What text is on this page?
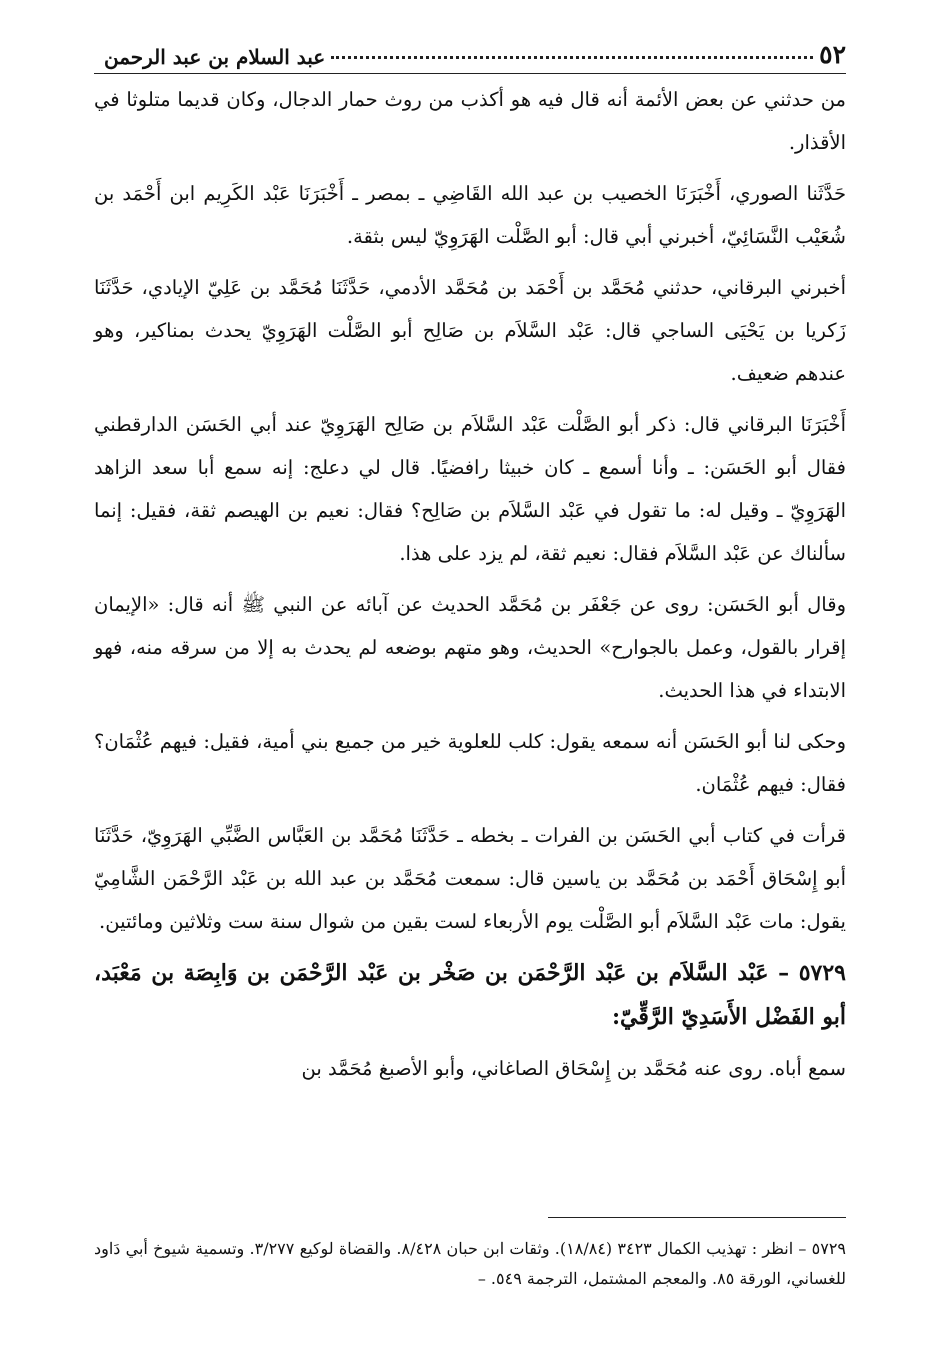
٥٢
عبد السلام بن عبد الرحمن

من حدثني عن بعض الأئمة أنه قال فيه هو أكذب من روث حمار الدجال، وكان قديما متلوثا في الأقذار.

حَدَّثَنا الصوري، أَخْبَرَنَا الخصيب بن عبد الله القَاضِي ـ بمصر ـ أَخْبَرَنَا عَبْد الكَرِيم ابن أَحْمَد بن شُعَيْب النَّسَائِيّ، أخبرني أبي قال: أبو الصَّلْت الهَرَوِيّ ليس بثقة.

أخبرني البرقاني، حدثني مُحَمَّد بن أَحْمَد بن مُحَمَّد الأدمي، حَدَّثَنَا مُحَمَّد بن عَلِيّ الإيادي، حَدَّثَنَا زَكريا بن يَحْيَى الساجي قال: عَبْد السَّلاَم بن صَالِح أبو الصَّلْت الهَرَوِيّ يحدث بمناكير، وهو عندهم ضعيف.

أَخْبَرَنَا البرقاني قال: ذكر أبو الصَّلْت عَبْد السَّلاَم بن صَالِح الهَرَوِيّ عند أبي الحَسَن الدارقطني فقال أبو الحَسَن: ـ وأنا أسمع ـ كان خبيثا رافضيًا. قال لي دعلج: إنه سمع أبا سعد الزاهد الهَرَوِيّ ـ وقيل له: ما تقول في عَبْد السَّلاَم بن صَالِح؟ فقال: نعيم بن الهيصم ثقة، فقيل: إنما سألناك عن عَبْد السَّلاَم فقال: نعيم ثقة، لم يزد على هذا.

وقال أبو الحَسَن: روى عن جَعْفَر بن مُحَمَّد الحديث عن آبائه عن النبي ﷺ أنه قال: «الإيمان إقرار بالقول، وعمل بالجوارح» الحديث، وهو متهم بوضعه لم يحدث به إلا من سرقه منه، فهو الابتداء في هذا الحديث.

وحكى لنا أبو الحَسَن أنه سمعه يقول: كلب للعلوية خير من جميع بني أمية، فقيل: فيهم عُثْمَان؟ فقال: فيهم عُثْمَان.

قرأت في كتاب أبي الحَسَن بن الفرات ـ بخطه ـ حَدَّثَنَا مُحَمَّد بن العَبَّاس الضَّبِّي الهَرَوِيّ، حَدَّثَنَا أبو إِسْحَاق أَحْمَد بن مُحَمَّد بن ياسين قال: سمعت مُحَمَّد بن عبد الله بن عَبْد الرَّحْمَن الشَّامِيّ يقول: مات عَبْد السَّلاَم أبو الصَّلْت يوم الأربعاء لست بقين من شوال سنة ست وثلاثين ومائتين.

٥٧٢٩ – عَبْد السَّلاَم بن عَبْد الرَّحْمَن بن صَخْر بن عَبْد الرَّحْمَن بن وَابِصَة بن مَعْبَد، أبو الفَضْل الأَسَدِيّ الرَّقِّيّ:

سمع أباه. روى عنه مُحَمَّد بن إِسْحَاق الصاغاني، وأبو الأصبغ مُحَمَّد بن

٥٧٢٩ – انظر : تهذيب الكمال ٣٤٢٣ (١٨/٨٤). وثقات ابن حبان ٨/٤٢٨. والقضاة لوكيع ٣/٢٧٧. وتسمية شيوخ أبي دَاود للغساني، الورقة ٨٥. والمعجم المشتمل، الترجمة ٥٤٩. –
